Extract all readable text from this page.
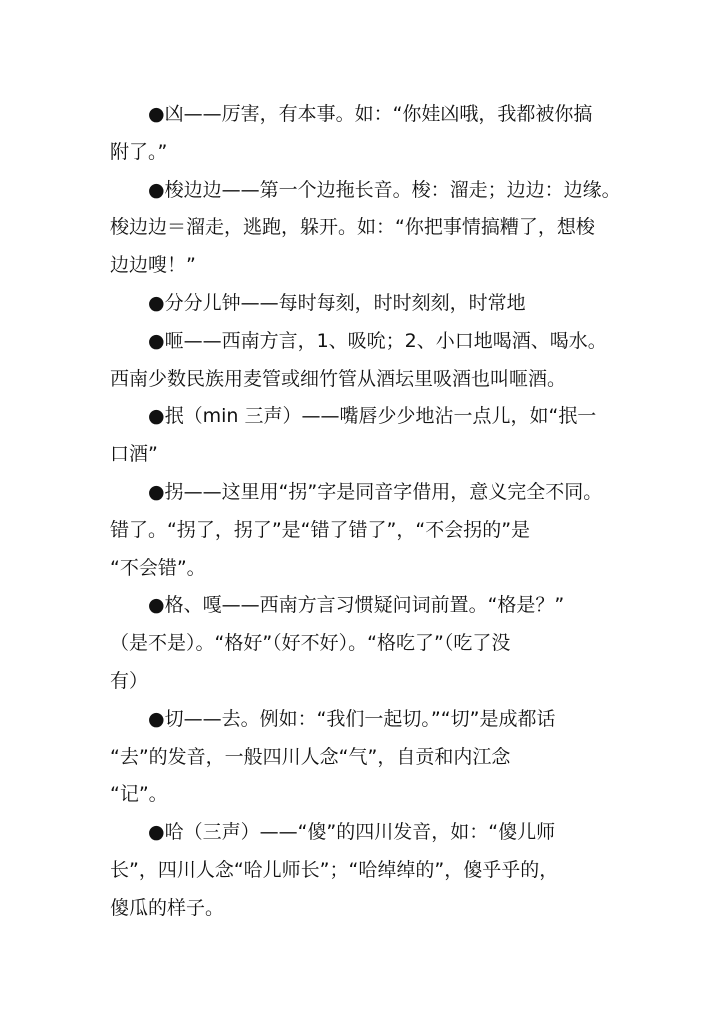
●凶——厉害，有本事。如：“你娃凶哦，我都被你搞
附了。”

●梭边边——第一个边拖长音。梭：溜走；边边：边缘。
梭边边＝溜走，逃跑，躲开。如：“你把事情搞糟了，想梭
边边嗖！”

●分分儿钟——每时每刻，时时刻刻，时常地

●咂——西南方言，1、吸吮；2、小口地喝酒、喝水。
西南少数民族用麦管或细竹管从酒坛里吸酒也叫咂酒。

●抿（min 三声）——嘴唇少少地沾一点儿，如“抿一
口酒”

●拐——这里用“拐”字是同音字借用，意义完全不同。
错了。“拐了，拐了”是“错了错了”，“不会拐的”是
“不会错”。

●格、嘎——西南方言习惯疑问词前置。“格是？”
（是不是）。“格好”（好不好）。“格吃了”（吃了没
有）

●切——去。例如：“我们一起切。”“切”是成都话
“去”的发音，一般四川人念“气”，自贡和内江念
“记”。

●哈（三声）——“傻”的四川发音，如：“傻儿师
长”，四川人念“哈儿师长”；“哈绰绰的”，傻乎乎的，
傻瓜的样子。
